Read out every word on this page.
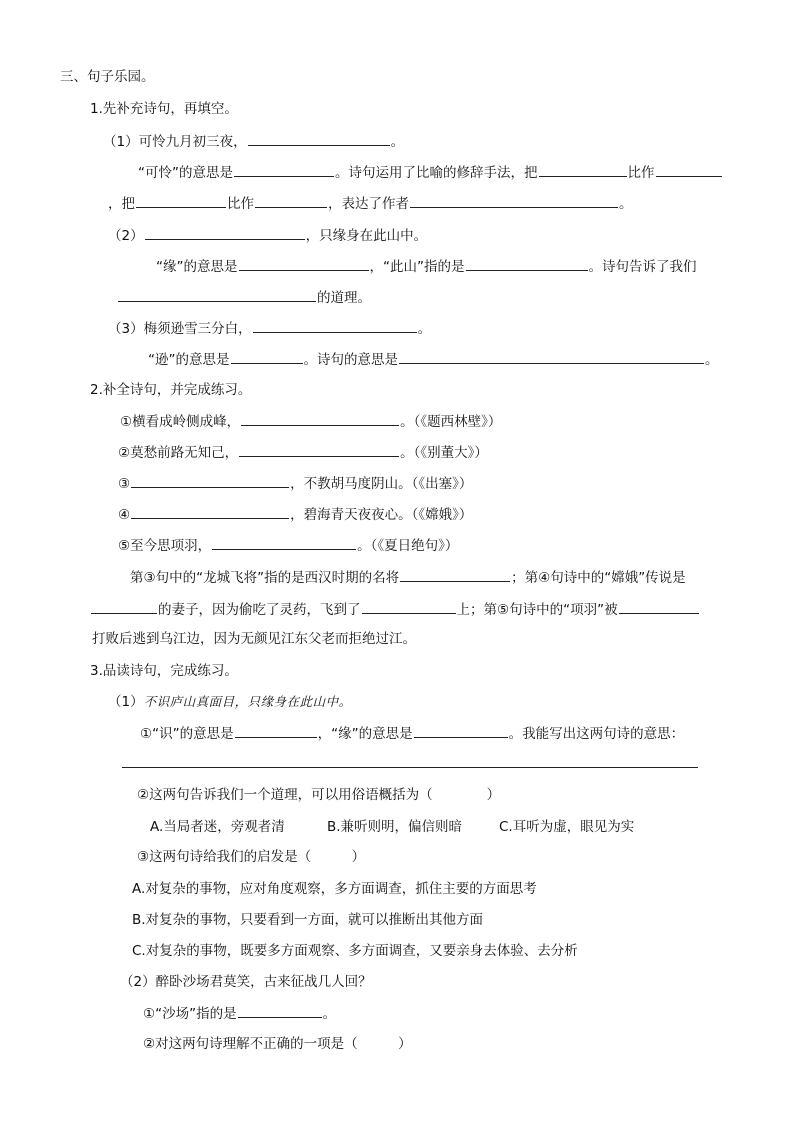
三、句子乐园。
1.先补充诗句，再填空。
（1）可怜九月初三夜，	。
“可怜”的意思是	。诗句运用了比喻的修辞手法，把	比作
，把	比作	，表达了作者	。
（2）	，只缘身在此山中。
“缘”的意思是	，“此山”指的是	。诗句告诉了我们
的道理。
（3）梅须逊雪三分白，	。
“逊”的意思是	。诗句的意思是	。
2.补全诗句，并完成练习。
①横看成岭侧成峰，	。（《题西林壁》）
②莫愁前路无知己，	。（《别董大》）
③	，不教胡马度阴山。（《出塞》）
④	，碧海青天夜夜心。（《嫦娥》）
⑤至今思项羽，	。（《夏日绝句》）
第③句中的“龙城飞将”指的是西汉时期的名将	；第④句诗中的“嫦娥”传说是
的妻子，因为偷吃了灵药，飞到了	上；第⑤句诗中的“项羽”被
打败后逃到乌江边，因为无颜见江东父老而拒绝过江。
3.品读诗句，完成练习。
（1）不识庐山真面目，只缘身在此山中。
①“识”的意思是	，“缘”的意思是	。我能写出这两句诗的意思：
②这两句告诉我们一个道理，可以用俗语概括为（　　　　）
A.当局者迷，旁观者清	B.兼听则明，偏信则暗	C.耳听为虚，眼见为实
③这两句诗给我们的启发是（　　　）
A.对复杂的事物，应对角度观察，多方面调查，抓住主要的方面思考
B.对复杂的事物，只要看到一方面，就可以推断出其他方面
C.对复杂的事物，既要多方面观察、多方面调查，又要亲身去体验、去分析
（2）醉卧沙场君莫笑，古来征战几人回？
①“沙场”指的是	。
②对这两句诗理解不正确的一项是（　　　）
